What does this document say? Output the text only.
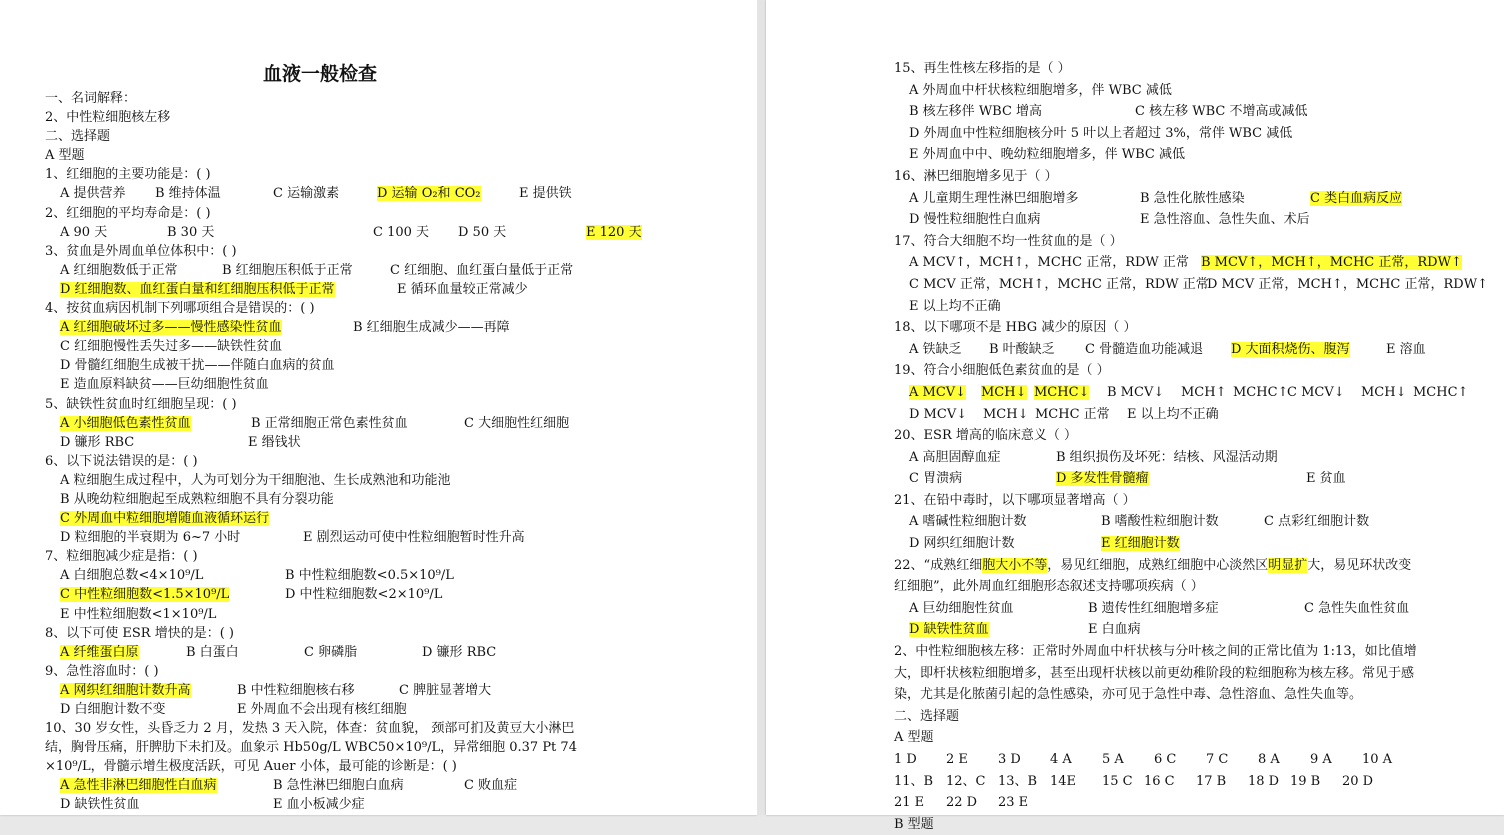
血液一般检查
一、名词解释：
2、中性粒细胞核左移
二、选择题
A 型题
1、红细胞的主要功能是：( )
A 提供营养 B 维持体温	C 运输激素	D 运输 O₂和 CO₂	E 提供铁
2、红细胞的平均寿命是：( )
A 90 天	B 30 天	C 100 天 D 50 天	E 120 天
3、贫血是外周血单位体积中：( )
A 红细胞数低于正常	B 红细胞压积低于正常	C 红细胞、血红蛋白量低于正常
D 红细胞数、血红蛋白量和红细胞压积低于正常	E 循环血量较正常减少
4、按贫血病因机制下列哪项组合是错误的：( )
A 红细胞破坏过多——慢性感染性贫血	B 红细胞生成减少——再障
C 红细胞慢性丢失过多——缺铁性贫血
D 骨髓红细胞生成被干扰——伴随白血病的贫血
E 造血原料缺贫——巨幼细胞性贫血
5、缺铁性贫血时红细胞呈现：( )
A 小细胞低色素性贫血	B 正常细胞正常色素性贫血	C 大细胞性红细胞
D 镰形 RBC	E 缗钱状
6、以下说法错误的是：( )
A 粒细胞生成过程中，人为可划分为干细胞池、生长成熟池和功能池
B 从晚幼粒细胞起至成熟粒细胞不具有分裂功能
C 外周血中粒细胞增随血液循环运行
D 粒细胞的半衰期为 6~7 小时	E 剧烈运动可使中性粒细胞暂时性升高
7、粒细胞减少症是指：( )
A 白细胞总数<4×10⁹/L	B 中性粒细胞数<0.5×10⁹/L
C 中性粒细胞数<1.5×10⁹/L	D 中性粒细胞数<2×10⁹/L
E 中性粒细胞数<1×10⁹/L
8、以下可使 ESR 增快的是：( )
A 纤维蛋白原	B 白蛋白	C 卵磷脂	D 镰形 RBC
9、急性溶血时：( )
A 网织红细胞计数升高	B 中性粒细胞核右移	C 脾脏显著增大
D 白细胞计数不变	E 外周血不会出现有核红细胞
10、30 岁女性，头昏乏力 2 月，发热 3 天入院，体查：贫血貌， 颈部可扪及黄豆大小淋巴
结，胸骨压痛，肝脾肋下未扪及。血象示 Hb50g/L WBC50×10⁹/L，异常细胞 0.37 Pt 74
×10⁹/L，骨髓示增生极度活跃，可见 Auer 小体，最可能的诊断是：( )
A 急性非淋巴细胞性白血病	B 急性淋巴细胞白血病	C 败血症
D 缺铁性贫血	E 血小板减少症
15、再生性核左移指的是（ ）
A 外周血中杆状核粒细胞增多，伴 WBC 减低
B 核左移伴 WBC 增高	C 核左移 WBC 不增高或减低
D 外周血中性粒细胞核分叶 5 叶以上者超过 3%，常伴 WBC 减低
E 外周血中中、晚幼粒细胞增多，伴 WBC 减低
16、淋巴细胞增多见于（ ）
A 儿童期生理性淋巴细胞增多	B 急性化脓性感染	C 类白血病反应
D 慢性粒细胞性白血病	E 急性溶血、急性失血、术后
17、符合大细胞不均一性贫血的是（ ）
A MCV↑，MCH↑，MCHC 正常，RDW 正常 B MCV↑，MCH↑，MCHC 正常，RDW↑
C MCV 正常，MCH↑，MCHC 正常，RDW 正常D MCV 正常，MCH↑，MCHC 正常，RDW↑
E 以上均不正确
18、以下哪项不是 HBG 减少的原因（ ）
A 铁缺乏 B 叶酸缺乏 C 骨髓造血功能减退 D 大面积烧伤、腹泻	E 溶血
19、符合小细胞低色素贫血的是（ ）
A MCV↓ MCH↓ MCHC↓ B MCV↓ MCH↑ MCHC↑C MCV↓ MCH↓ MCHC↑
D MCV↓ MCH↓ MCHC 正常 E 以上均不正确
20、ESR 增高的临床意义（ ）
A 高胆固醇血症	B 组织损伤及坏死：结核、风湿活动期
C 胃溃病	D 多发性骨髓瘤	E 贫血
21、在铅中毒时，以下哪项显著增高（ ）
A 嗜碱性粒细胞计数	B 嗜酸性粒细胞计数	C 点彩红细胞计数
D 网织红细胞计数	E 红细胞计数
22、“成熟红细胞大小不等，易见红细胞，成熟红细胞中心淡然区明显扩大，易见环状改变
红细胞”，此外周血红细胞形态叙述支持哪项疾病（ ）
A 巨幼细胞性贫血	B 遗传性红细胞增多症	C 急性失血性贫血
D 缺铁性贫血	E 白血病
2、中性粒细胞核左移：正常时外周血中杆状核与分叶核之间的正常比值为 1:13，如比值增
大，即杆状核粒细胞增多，甚至出现杆状核以前更幼稚阶段的粒细胞称为核左移。常见于感
染，尤其是化脓菌引起的急性感染，亦可见于急性中毒、急性溶血、急性失血等。
二、选择题
A 型题
1 D 2 E 3 D 4 A 5 A 6 C 7 C 8 A 9 A 10 A
11、B 12、C 13、B 14E 15 C 16 C 17 B 18 D 19 B 20 D
21 E 22 D 23 E
B 型题
